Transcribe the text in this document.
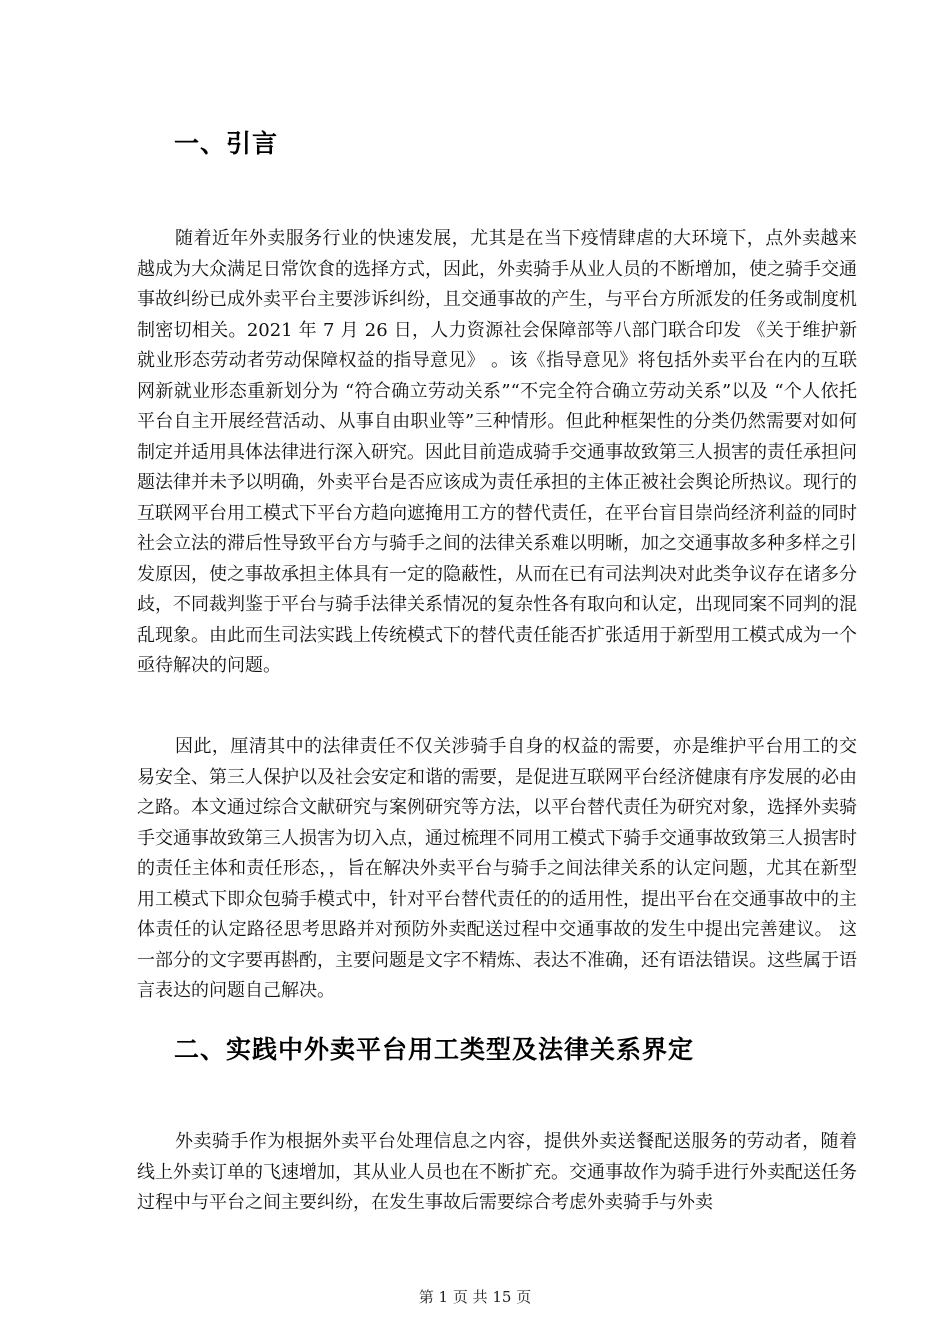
一、引言

随着近年外卖服务行业的快速发展，尤其是在当下疫情肆虐的大环境下，点外卖越来越成为大众满足日常饮食的选择方式，因此，外卖骑手从业人员的不断增加，使之骑手交通事故纠纷已成外卖平台主要涉诉纠纷，且交通事故的产生，与平台方所派发的任务或制度机制密切相关。2021 年 7 月 26 日，人力资源社会保障部等八部门联合印发 《关于维护新就业形态劳动者劳动保障权益的指导意见》 。该《指导意见》将包括外卖平台在内的互联网新就业形态重新划分为 “符合确立劳动关系”“不完全符合确立劳动关系”以及 “个人依托平台自主开展经营活动、从事自由职业等”三种情形。但此种框架性的分类仍然需要对如何制定并适用具体法律进行深入研究。因此目前造成骑手交通事故致第三人损害的责任承担问题法律并未予以明确，外卖平台是否应该成为责任承担的主体正被社会舆论所热议。现行的互联网平台用工模式下平台方趋向遮掩用工方的替代责任，在平台盲目崇尚经济利益的同时社会立法的滞后性导致平台方与骑手之间的法律关系难以明晰，加之交通事故多种多样之引发原因，使之事故承担主体具有一定的隐蔽性，从而在已有司法判决对此类争议存在诸多分歧，不同裁判鉴于平台与骑手法律关系情况的复杂性各有取向和认定，出现同案不同判的混乱现象。由此而生司法实践上传统模式下的替代责任能否扩张适用于新型用工模式成为一个亟待解决的问题。

因此，厘清其中的法律责任不仅关涉骑手自身的权益的需要，亦是维护平台用工的交易安全、第三人保护以及社会安定和谐的需要，是促进互联网平台经济健康有序发展的必由之路。本文通过综合文献研究与案例研究等方法，以平台替代责任为研究对象，选择外卖骑手交通事故致第三人损害为切入点，通过梳理不同用工模式下骑手交通事故致第三人损害时的责任主体和责任形态，，旨在解决外卖平台与骑手之间法律关系的认定问题，尤其在新型用工模式下即众包骑手模式中，针对平台替代责任的的适用性，提出平台在交通事故中的主体责任的认定路径思考思路并对预防外卖配送过程中交通事故的发生中提出完善建议。 这一部分的文字要再斟酌，主要问题是文字不精炼、表达不准确，还有语法错误。这些属于语言表达的问题自己解决。

二、实践中外卖平台用工类型及法律关系界定

外卖骑手作为根据外卖平台处理信息之内容，提供外卖送餐配送服务的劳动者，随着线上外卖订单的飞速增加，其从业人员也在不断扩充。交通事故作为骑手进行外卖配送任务过程中与平台之间主要纠纷，在发生事故后需要综合考虑外卖骑手与外卖

第 1 页 共 15 页
